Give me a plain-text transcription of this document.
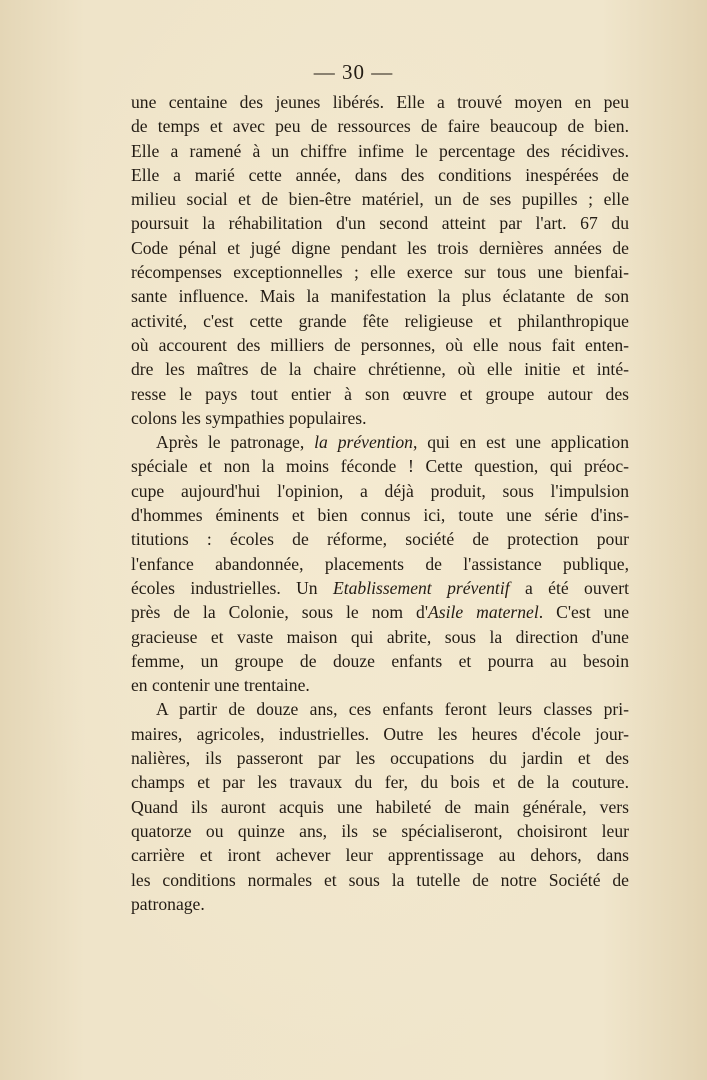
— 30 —

une centaine des jeunes libérés. Elle a trouvé moyen en peu
de temps et avec peu de ressources de faire beaucoup de bien.
Elle a ramené à un chiffre infime le percentage des récidives.
Elle a marié cette année, dans des conditions inespérées de
milieu social et de bien-être matériel, un de ses pupilles ; elle
poursuit la réhabilitation d'un second atteint par l'art. 67 du
Code pénal et jugé digne pendant les trois dernières années de
récompenses exceptionnelles ; elle exerce sur tous une bienfai-
sante influence. Mais la manifestation la plus éclatante de son
activité, c'est cette grande fête religieuse et philanthropique
où accourent des milliers de personnes, où elle nous fait enten-
dre les maîtres de la chaire chrétienne, où elle initie et inté-
resse le pays tout entier à son œuvre et groupe autour des
colons les sympathies populaires.

Après le patronage, la prévention, qui en est une application
spéciale et non la moins féconde ! Cette question, qui préoc-
cupe aujourd'hui l'opinion, a déjà produit, sous l'impulsion
d'hommes éminents et bien connus ici, toute une série d'ins-
titutions : écoles de réforme, société de protection pour
l'enfance abandonnée, placements de l'assistance publique,
écoles industrielles. Un Etablissement préventif a été ouvert
près de la Colonie, sous le nom d'Asile maternel. C'est une
gracieuse et vaste maison qui abrite, sous la direction d'une
femme, un groupe de douze enfants et pourra au besoin
en contenir une trentaine.

A partir de douze ans, ces enfants feront leurs classes pri-
maires, agricoles, industrielles. Outre les heures d'école jour-
nalières, ils passeront par les occupations du jardin et des
champs et par les travaux du fer, du bois et de la couture.
Quand ils auront acquis une habileté de main générale, vers
quatorze ou quinze ans, ils se spécialiseront, choisiront leur
carrière et iront achever leur apprentissage au dehors, dans
les conditions normales et sous la tutelle de notre Société de
patronage.
